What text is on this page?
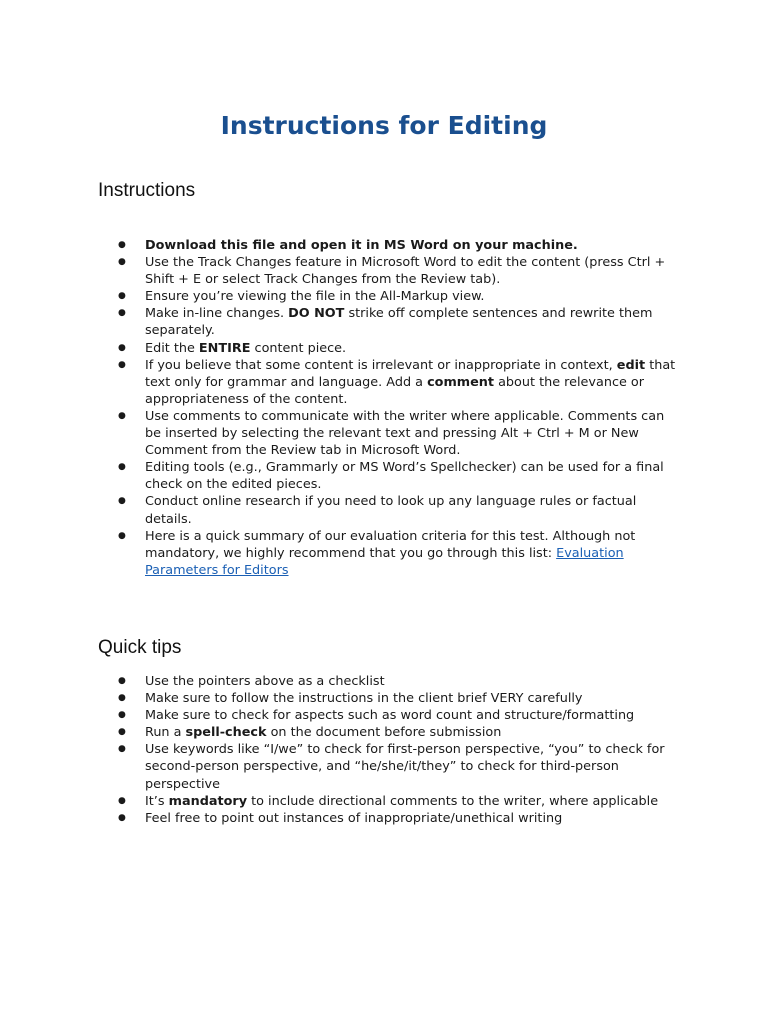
Instructions for Editing
Instructions
● Download this file and open it in MS Word on your machine.
● Use the Track Changes feature in Microsoft Word to edit the content (press Ctrl + Shift + E or select Track Changes from the Review tab).
● Ensure you’re viewing the file in the All-Markup view.
● Make in-line changes. DO NOT strike off complete sentences and rewrite them separately.
● Edit the ENTIRE content piece.
● If you believe that some content is irrelevant or inappropriate in context, edit that text only for grammar and language. Add a comment about the relevance or appropriateness of the content.
● Use comments to communicate with the writer where applicable. Comments can be inserted by selecting the relevant text and pressing Alt + Ctrl + M or New Comment from the Review tab in Microsoft Word.
● Editing tools (e.g., Grammarly or MS Word’s Spellchecker) can be used for a final check on the edited pieces.
● Conduct online research if you need to look up any language rules or factual details.
● Here is a quick summary of our evaluation criteria for this test. Although not mandatory, we highly recommend that you go through this list: Evaluation Parameters for Editors
Quick tips
● Use the pointers above as a checklist
● Make sure to follow the instructions in the client brief VERY carefully
● Make sure to check for aspects such as word count and structure/formatting
● Run a spell-check on the document before submission
● Use keywords like “I/we” to check for first-person perspective, “you” to check for second-person perspective, and “he/she/it/they” to check for third-person perspective
● It’s mandatory to include directional comments to the writer, where applicable
● Feel free to point out instances of inappropriate/unethical writing
